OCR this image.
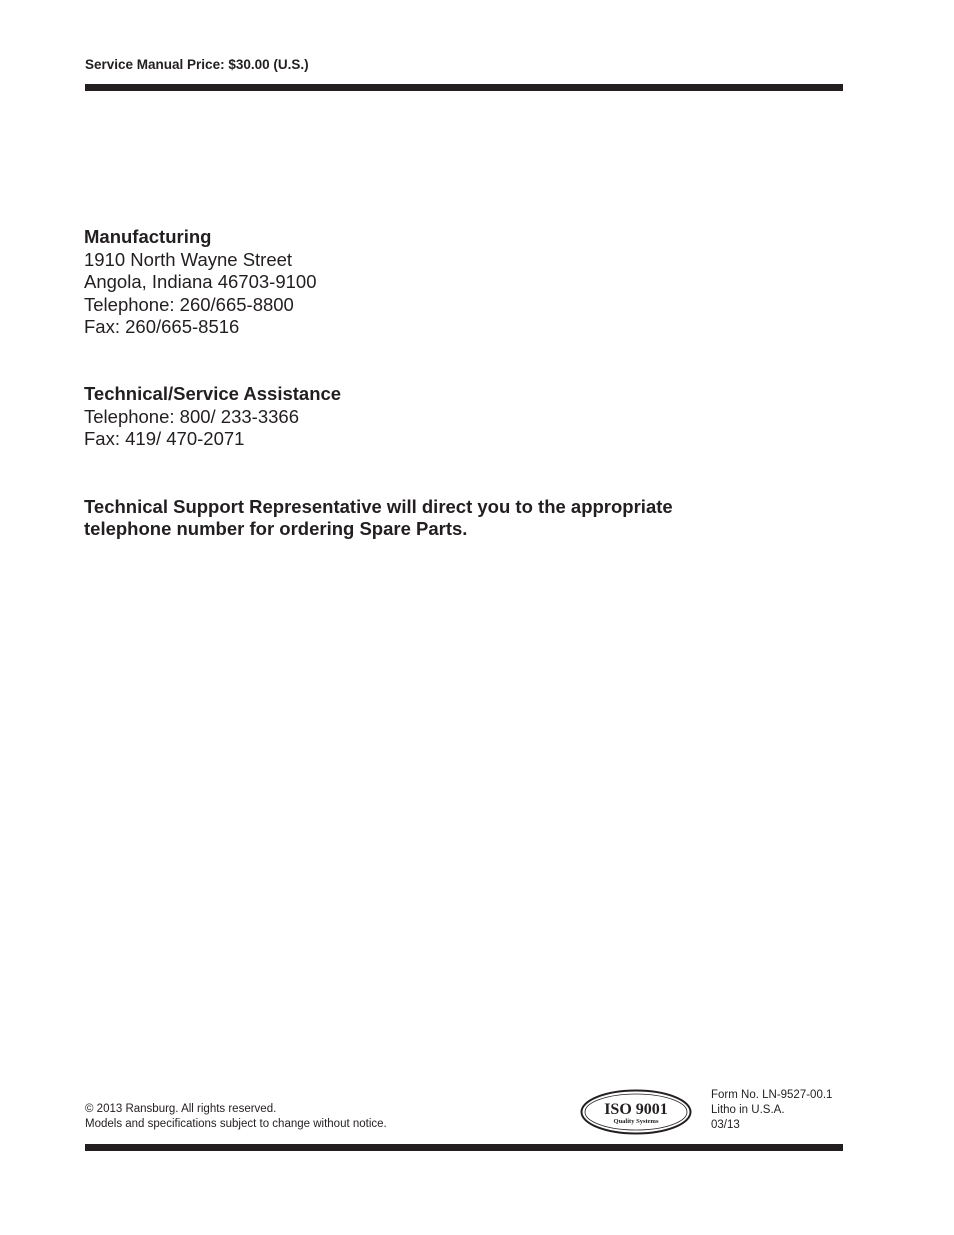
Service Manual Price: $30.00 (U.S.)
Manufacturing
1910 North Wayne Street
Angola, Indiana 46703-9100
Telephone: 260/665-8800
Fax: 260/665-8516
Technical/Service Assistance
Telephone: 800/ 233-3366
Fax: 419/ 470-2071
Technical Support Representative will direct you to the appropriate
telephone number for ordering Spare Parts.
© 2013 Ransburg. All rights reserved.
Models and specifications subject to change without notice.
ISO 9001
Quality Systems
Form No. LN-9527-00.1
Litho in U.S.A.
03/13
